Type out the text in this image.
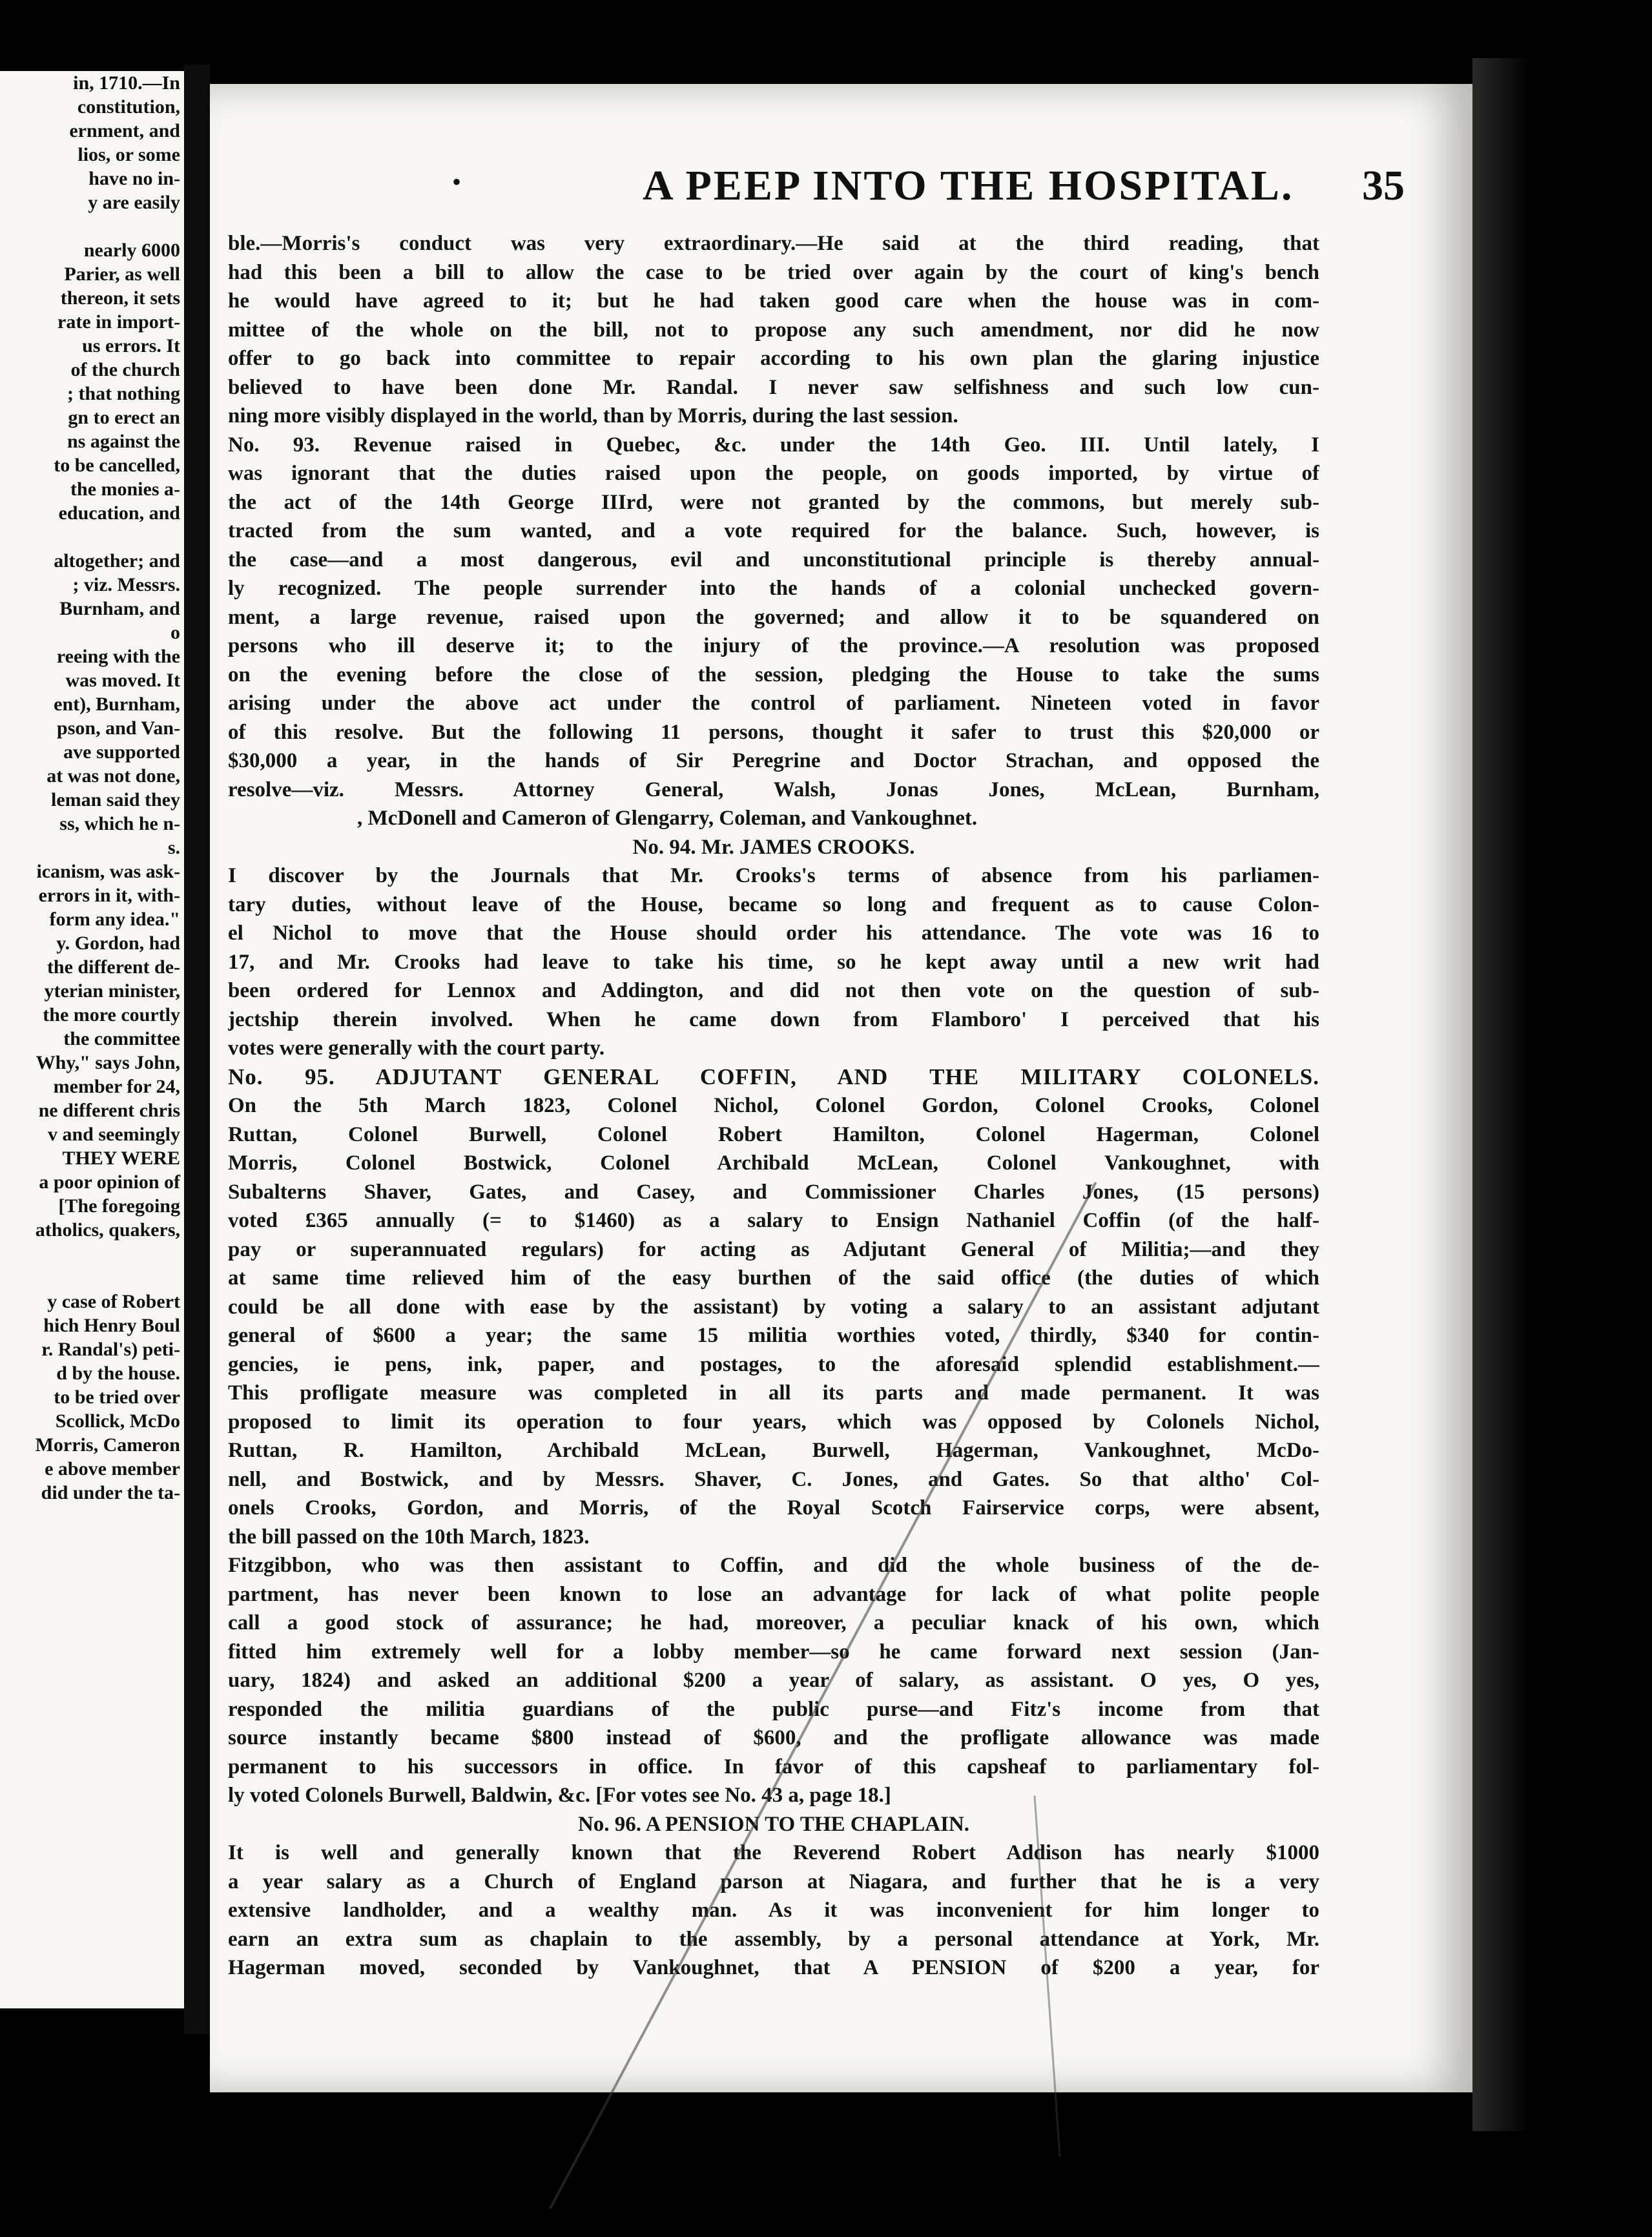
in, 1710.—In
constitution,
ernment, and
lios, or some
have no in-
y are easily
nearly 6000
Parier, as well
thereon, it sets
rate in import-
us errors. It
of the church
; that nothing
gn to erect an
ns against the
to be cancelled,
the monies a-
education, and
altogether; and
; viz. Messrs.
Burnham, and
o
reeing with the
was moved. It
ent), Burnham,
pson, and Van-
ave supported
at was not done,
leman said they
ss, which he n-
s.
icanism, was ask-
errors in it, with-
form any idea."
y. Gordon, had
the different de-
yterian minister,
the more courtly
the committee
Why," says John,
member for 24,
ne different chris
v and seemingly
THEY WERE
a poor opinion of
[The foregoing
atholics, quakers,
y case of Robert
hich Henry Boul
r. Randal's) peti-
d by the house.
to be tried over
Scollick, McDo
Morris, Cameron
e above member
did under the ta-
•	A PEEP INTO THE HOSPITAL. 35
ble.—Morris's conduct was very extraordinary.—He said at the third reading, that
had this been a bill to allow the case to be tried over again by the court of king's bench
he would have agreed to it; but he had taken good care when the house was in com-
mittee of the whole on the bill, not to propose any such amendment, nor did he now
offer to go back into committee to repair according to his own plan the glaring injustice
believed to have been done Mr. Randal. I never saw selfishness and such low cun-
ning more visibly displayed in the world, than by Morris, during the last session.
No. 93. Revenue raised in Quebec, &c. under the 14th Geo. III. Until lately, I
was ignorant that the duties raised upon the people, on goods imported, by virtue of
the act of the 14th George IIIrd, were not granted by the commons, but merely sub-
tracted from the sum wanted, and a vote required for the balance. Such, however, is
the case—and a most dangerous, evil and unconstitutional principle is thereby annual-
ly recognized. The people surrender into the hands of a colonial unchecked govern-
ment, a large revenue, raised upon the governed; and allow it to be squandered on
persons who ill deserve it; to the injury of the province.—A resolution was proposed
on the evening before the close of the session, pledging the House to take the sums
arising under the above act under the control of parliament. Nineteen voted in favor
of this resolve. But the following 11 persons, thought it safer to trust this $20,000 or
$30,000 a year, in the hands of Sir Peregrine and Doctor Strachan, and opposed the
resolve—viz. Messrs. Attorney General, Walsh, Jonas Jones, McLean, Burnham,
, McDonell and Cameron of Glengarry, Coleman, and Vankoughnet.
No. 94. Mr. JAMES CROOKS.
I discover by the Journals that Mr. Crooks's terms of absence from his parliamen-
tary duties, without leave of the House, became so long and frequent as to cause Colon-
el Nichol to move that the House should order his attendance. The vote was 16 to
17, and Mr. Crooks had leave to take his time, so he kept away until a new writ had
been ordered for Lennox and Addington, and did not then vote on the question of sub-
jectship therein involved. When he came down from Flamboro' I perceived that his
votes were generally with the court party.
No. 95. ADJUTANT GENERAL COFFIN, AND THE MILITARY COLONELS.
On the 5th March 1823, Colonel Nichol, Colonel Gordon, Colonel Crooks, Colonel
Ruttan, Colonel Burwell, Colonel Robert Hamilton, Colonel Hagerman, Colonel
Morris, Colonel Bostwick, Colonel Archibald McLean, Colonel Vankoughnet, with
Subalterns Shaver, Gates, and Casey, and Commissioner Charles Jones, (15 persons)
voted £365 annually (= to $1460) as a salary to Ensign Nathaniel Coffin (of the half-
pay or superannuated regulars) for acting as Adjutant General of Militia;—and they
at same time relieved him of the easy burthen of the said office (the duties of which
could be all done with ease by the assistant) by voting a salary to an assistant adjutant
general of $600 a year; the same 15 militia worthies voted, thirdly, $340 for contin-
gencies, ie pens, ink, paper, and postages, to the aforesaid splendid establishment.—
This profligate measure was completed in all its parts and made permanent. It was
proposed to limit its operation to four years, which was opposed by Colonels Nichol,
Ruttan, R. Hamilton, Archibald McLean, Burwell, Hagerman, Vankoughnet, McDo-
nell, and Bostwick, and by Messrs. Shaver, C. Jones, and Gates. So that altho' Col-
onels Crooks, Gordon, and Morris, of the Royal Scotch Fairservice corps, were absent,
the bill passed on the 10th March, 1823.
Fitzgibbon, who was then assistant to Coffin, and did the whole business of the de-
partment, has never been known to lose an advantage for lack of what polite people
call a good stock of assurance; he had, moreover, a peculiar knack of his own, which
fitted him extremely well for a lobby member—so he came forward next session (Jan-
uary, 1824) and asked an additional $200 a year of salary, as assistant. O yes, O yes,
responded the militia guardians of the public purse—and Fitz's income from that
source instantly became $800 instead of $600, and the profligate allowance was made
permanent to his successors in office. In favor of this capsheaf to parliamentary fol-
ly voted Colonels Burwell, Baldwin, &c. [For votes see No. 43 a, page 18.]
No. 96. A PENSION TO THE CHAPLAIN.
It is well and generally known that the Reverend Robert Addison has nearly $1000
a year salary as a Church of England parson at Niagara, and further that he is a very
extensive landholder, and a wealthy man. As it was inconvenient for him longer to
earn an extra sum as chaplain to the assembly, by a personal attendance at York, Mr.
Hagerman moved, seconded by Vankoughnet, that A PENSION of $200 a year, for
